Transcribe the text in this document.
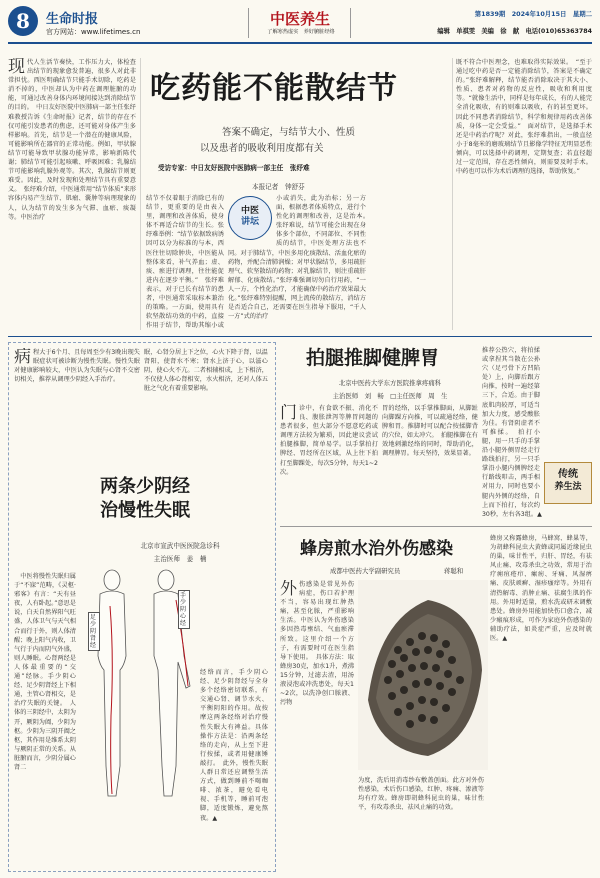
8	生命时报
官方网站：www.lifetimes.cn
中医养生
了解寒热虚实　养好腑脏经络
第1839期　2024年10月15日　星期二
编辑　单祺雯　美编　徐　献　电话(010)65363784
现 代人生活节奏快，工作压力大，体检查出结节的现象愈发普遍，很多人对此非常担忧。西医明确结节只能手术切除，吃药是消不掉的，中医却认为中药在调理脏腑的功能，可通过改善身体内环境间接达到消除结节的目的。　中日友好医院中医肺病一部主任张纾难教授告诉《生命时报》记者，结节的存在不仅可能引发患者的焦虑，还可能对身体产生多样影响。首先，结节是一个潜在的健康风险，可能影响所在器官的正常功能。例如，甲状腺结节可能导致甲状腺功能异常，影响新陈代谢；肺结节可能引起咳嗽、呼吸困难；乳腺结节可能影响乳腺外观等。其次，乳腺结节则更难受。因此，及时发现和处理结节具有重要意义。　张纾难介绍，中医通常用“结节体质”来形容体内易产生结节、肌瘤、囊肿等病理现象的人，认为结节的发生多为气滞、血瘀、痰凝等。中医治疗
吃药能不能散结节
答案不确定，与结节大小、性质
以及患者的吸收利用度都有关
受访专家：中日友好医院中医肺病一部主任　张纾难
本报记者　钟舒芬
结节不仅着眼于消除已有的结节，更重要的是由表入里，调理和改善体质，使身体不再适合结节的生长。张纾难举例：“结节依据致病诱因可以分为标准的与本，西医往往切除肿块，中医能从整体来看，补气养血；虚、痰、瘀进行调理，往往能促进内在逐步平衡。”　张纾难表示，对于已长有结节的患者，中医通常采取标本兼治的策略。一方面，使用具有软坚散结功效的中药，直接作用于结节，帮助其缩小或
中医
讲坛
小或消失，此为治标；另一方面，根据患者体质特点，进行个性化的调理和改善，这是治本。　张纾难说，结节可能会出现在身体多个部位，不同部位、不同性质的结节，中医处理方法也不同。对于肺结节，中医多用化痰散结、活血化瘀的药物，并配合清肺润燥；对甲状腺结节，多用疏肝理气、软坚散结的药物；对乳腺结节，则注重疏肝解郁、化痰散结。”张纾难强调切勿自行用药，“一人一方，个性化治疗，才能确保中药治疗效果最大化。”张纾难特别提醒，网上流传的散结方，消结方是否适合自己，还需要在医生指导下服用，“千人一方”式的治疗
既不符合中医理念，也难取得实际效果。　“至于通过吃中药是否一定能消除结节，答案是不确定的。”张纾难解释，结节能否消除取决于其大小、性质、患者对药物的反应性，吸收和利用度等。“就像生活中，同样是每年成长，有的人能完全消化吸收，有的则难以吸收，有的甚至更坏。因此不同患者消除结节，科学和规律用药改善体质，身体一定会受益。”　面对结节，是选择手术还是中药治疗呢？对此，张纾难指出，一般直径小于8毫米的磨玻璃结节且影像学特征无明显恶性倾向，可以选择中药调理，定期复查；若直径超过一定范围，存在恶性倾向，则需要及时手术。中药也可以作为术后调理的选择，帮助恢复。”
病 程大于6个月、且每周至少有3晚出现失眠症状可被诊断为慢性失眠。慢性失眠对健康影响较大，中医认为失眠与心肾不交密切相关，推荐从调理少阴经入手治疗。
眠，心肾分居上下之位，心火下降于肾，以温肾阳，使肾水不寒；肾水上济于心，以滋心阴，使心火不亢。二者相辅相成，上下相济，不仅使人体心肾相安，水火相济，还对人体五脏之气化有着重要影响。
两条少阴经
治慢性失眠
北京市宣武中医医院急诊科
主治医师　姜　楠
　中医将慢性失眠归属于“不寐”范畴，《灵枢·邪客》有言：“天有昼夜，人有卧起。”意思是说，白天自然界阳气旺盛，人体卫气与天气相合而行于外，则人体清醒；晚上阳气内收，卫气行于内而阴气外盛，则人睡眠。心肾两经是人体最重要的“交通”经脉。手少阴心经、足少阴肾经上下相通，主管心肾相交，是治疗失眠的关键。　人体的三阴经中，太阴为开，厥阴为阖，少阴为枢。少阴为三阴开阖之枢，其作用是维系太阴与厥阴正常的关系。从脏腑而言，少阴分属心肾二
足少阴肾经
手少阴心经
经络而言，手少阴心经、足少阴肾经与全身多个经络密切联系，有交通心肾、调节水火、平衡阴阳的作用。故按摩这两条经络对治疗慢性失眠大有裨益。具体操作方法是：沿两条经络的走向，从上至下进行按揉，或者用健康锤敲打。　此外，慢性失眠人群日常还应调整生活方式，做到睡前不喝咖啡、浓茶，避免看电视、手机等，睡前可泡脚，适度锻炼，避免熬夜。▲
拍腿推脚健脾胃
北京中医药大学东方医院推拿疼痛科
主治医师　刘　畅　□主任医师　周　生
门 诊中，有食欲不振、消化不良、腹胀泄泻等脾胃问题的患者很多，但大部分不愿意吃药或调理方法较为繁琐，因此建议尝试拍腿推脚，简单易学。以手掌拍打脾经、胃经所在区域，从上往下拍打至脚踝处，每次5分钟，每天1~2次。
胃的经络，以手掌推脚面，从脚趾向脚踝方向推，可以疏通经络，健脾和胃。推脚时可以配合按揉脚背的穴位，如太冲穴。　拍腿推脚在有效地刺激经络的同时，帮助消化，调理脾胃。每天坚持，效果显著。
传统
养生法
推荐公热穴，将拍揉或拿捏其当散在公孙穴（足弓骨下方凹陷处）上，向脚后跟方向推，按时一遍经第三下，合适。由于脚底肌肉较厚，可适当加大力度，感受酸胀为佳。有肾阴虚者不可推揉。　拍打小腿，用一只手的手掌沿小腿外侧胃经走行路线拍打，另一只手掌沿小腿内侧脾经走行路线叩击，两手相对用力，同时也要小腿内外侧的经络，自上而下拍打，每次约30秒，左右各3组。▲
蜂房煎水治外伤感染
成都中医药大学副研究员	蒋聪和
外 伤感染是常见外伤病症，伤口若护理不当，容易出现红肿热痛，甚至化脓，严重影响生活。中医认为外伤感染多因热毒壅结、气血瘀滞所致。这里介绍一个方子，有需要时可在医生指导下使用。　具体方法：取蜂房30克，加水1升，煮沸15分钟，过滤去渣，用汤液浸泡或冲洗患处，每天1~2次，以洗净创口脓液、污物
为度，洗后用消毒纱布敷盖创面。此方对外伤性感染，术后伤口感染，红肿、疼痛、渗液等均有疗效。蜂房即胡蜂科昆虫的巢，味甘性平，有攻毒杀虫、祛风止痛的功效。
蜂房又称露蜂房，马蜂窝、蜂巢等，为胡蜂科昆虫大黄蜂或同属近缘昆虫的巢，味甘性平，归肝、胃经，有祛风止痛、攻毒杀虫之功效，常用于治疗痈疽疮疖、瘰疬、牙痛、风湿痹痛、皮肤顽癣、湿疹瘙痒等。外用有清热解毒、消肿止痛、祛腐生肌的作用。外用时适量，煎水洗或研末调敷患处。蜂房外用能加快伤口愈合，减少瘢痕形成，可作为家庭外伤感染的辅助疗法，如炎症严重，应及时就医。▲
